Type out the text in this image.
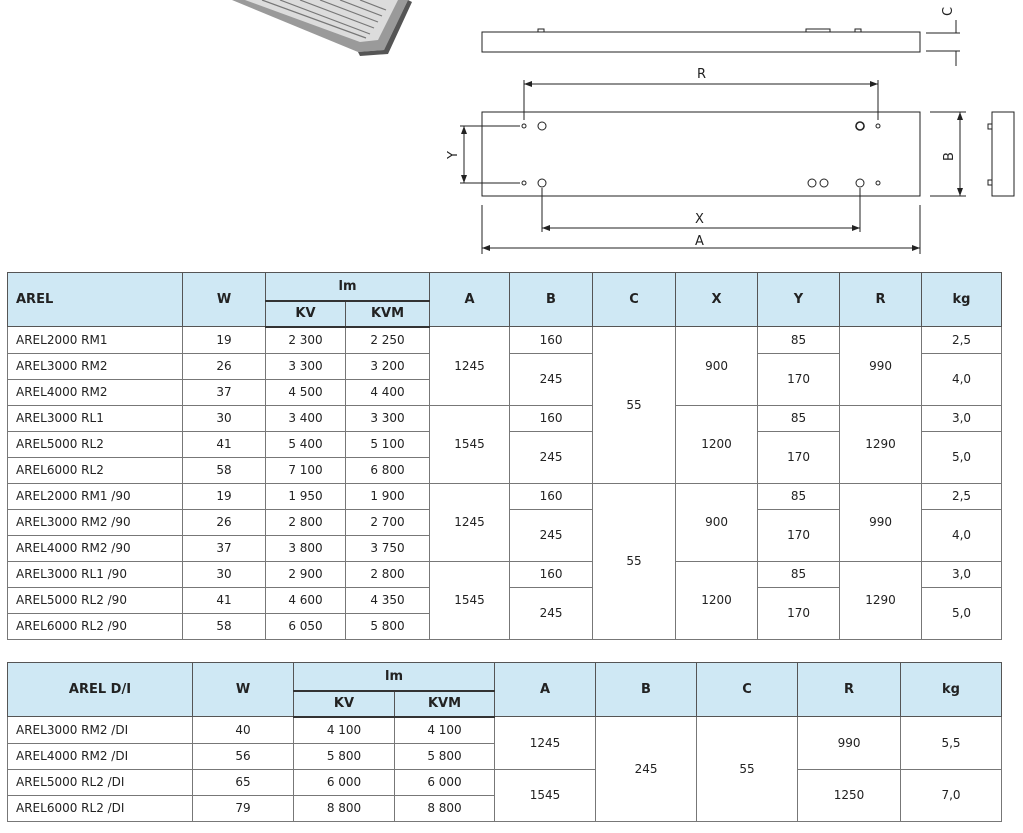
C
R
Y	B
X
A
AREL	W	lm		A	B	C	X	Y	R	kg
		KV	KVM							
AREL2000 RM1	19	2 300	2 250	1245	160	55	900	85	990	2,5
AREL3000 RM2	26	3 300	3 200		245			170		4,0
AREL4000 RM2	37	4 500	4 400							
AREL3000 RL1	30	3 400	3 300	1545	160		1200	85	1290	3,0
AREL5000 RL2	41	5 400	5 100		245			170		5,0
AREL6000 RL2	58	7 100	6 800							
AREL2000 RM1 /90	19	1 950	1 900	1245	160	55	900	85	990	2,5
AREL3000 RM2 /90	26	2 800	2 700		245			170		4,0
AREL4000 RM2 /90	37	3 800	3 750							
AREL3000 RL1 /90	30	2 900	2 800	1545	160		1200	85	1290	3,0
AREL5000 RL2 /90	41	4 600	4 350		245			170		5,0
AREL6000 RL2 /90	58	6 050	5 800							
AREL D/I	W	lm		A	B	C	R	kg
		KV	KVM					
AREL3000 RM2 /DI	40	4 100	4 100	1245	245	55	990	5,5
AREL4000 RM2 /DI	56	5 800	5 800					
AREL5000 RL2 /DI	65	6 000	6 000	1545			1250	7,0
AREL6000 RL2 /DI	79	8 800	8 800					
